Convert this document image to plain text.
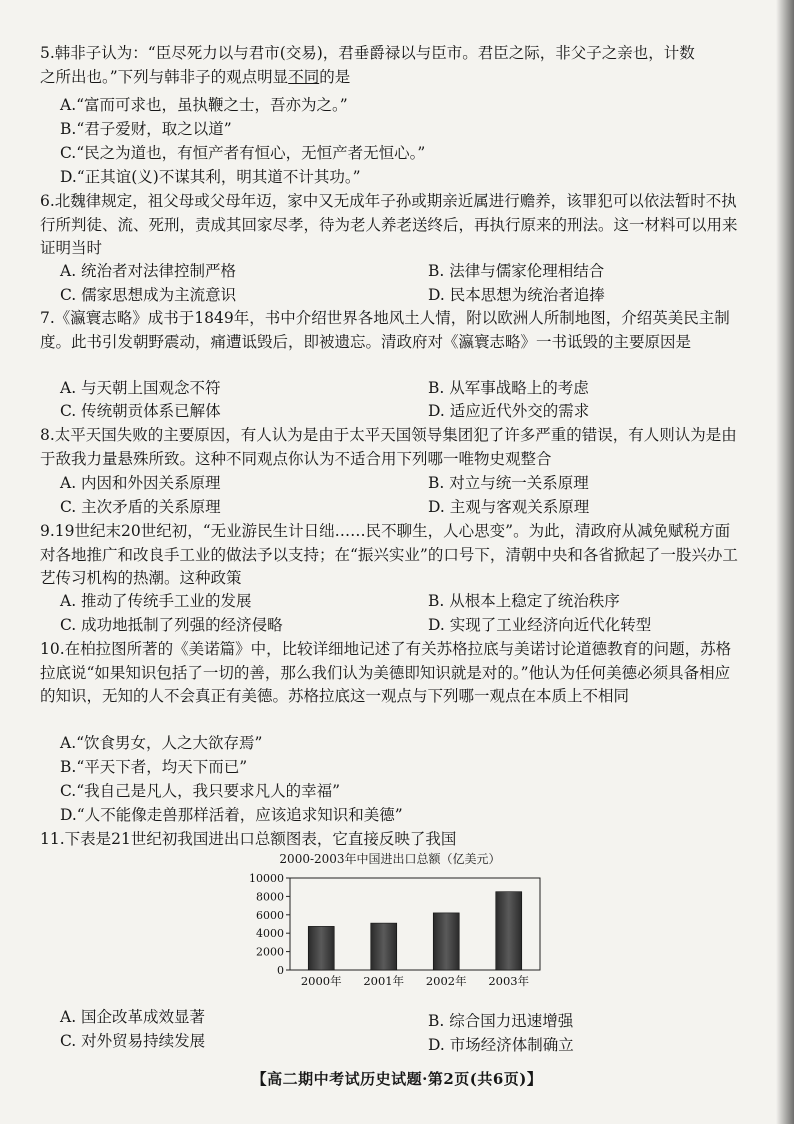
5.韩非子认为：“臣尽死力以与君市(交易)，君垂爵禄以与臣市。君臣之际，非父子之亲也，计数

之所出也。”下列与韩非子的观点明显不同的是

A.“富而可求也，虽执鞭之士，吾亦为之。”
B.“君子爱财，取之以道”
C.“民之为道也，有恒产者有恒心，无恒产者无恒心。”
D.“正其谊(义)不谋其利，明其道不计其功。”

6.北魏律规定，祖父母或父母年迈，家中又无成年子孙或期亲近属进行赡养，该罪犯可以依法暂时不执行所判徒、流、死刑，责成其回家尽孝，待为老人养老送终后，再执行原来的刑法。这一材料可以用来证明当时

A. 统治者对法律控制严格	B. 法律与儒家伦理相结合
C. 儒家思想成为主流意识	D. 民本思想为统治者追捧

7.《瀛寰志略》成书于1849年，书中介绍世界各地风土人情，附以欧洲人所制地图，介绍英美民主制度。此书引发朝野震动，痛遭诋毁后，即被遗忘。清政府对《瀛寰志略》一书诋毁的主要原因是

A. 与天朝上国观念不符	B. 从军事战略上的考虑
C. 传统朝贡体系已解体	D. 适应近代外交的需求

8.太平天国失败的主要原因，有人认为是由于太平天国领导集团犯了许多严重的错误，有人则认为是由于敌我力量悬殊所致。这种不同观点你认为不适合用下列哪一唯物史观整合

A. 内因和外因关系原理	B. 对立与统一关系原理
C. 主次矛盾的关系原理	D. 主观与客观关系原理

9.19世纪末20世纪初，“无业游民生计日绌……民不聊生，人心思变”。为此，清政府从减免赋税方面对各地推广和改良手工业的做法予以支持；在“振兴实业”的口号下，清朝中央和各省掀起了一股兴办工艺传习机构的热潮。这种政策

A. 推动了传统手工业的发展	B. 从根本上稳定了统治秩序
C. 成功地抵制了列强的经济侵略	D. 实现了工业经济向近代化转型

10.在柏拉图所著的《美诺篇》中，比较详细地记述了有关苏格拉底与美诺讨论道德教育的问题，苏格拉底说“如果知识包括了一切的善，那么我们认为美德即知识就是对的。”他认为任何美德必须具备相应的知识，无知的人不会真正有美德。苏格拉底这一观点与下列哪一观点在本质上不相同

A.“饮食男女，人之大欲存焉”
B.“平天下者，均天下而已”
C.“我自己是凡人，我只要求凡人的幸福”
D.“人不能像走兽那样活着，应该追求知识和美德”

11.下表是21世纪初我国进出口总额图表，它直接反映了我国

2000-2003年中国进出口总额（亿美元）
10000
8000
6000
4000
2000
0
2000年 2001年 2002年 2003年
A. 国企改革成效显著	B. 综合国力迅速增强
C. 对外贸易持续发展	D. 市场经济体制确立
【高二期中考试历史试题·第2页(共6页)】
